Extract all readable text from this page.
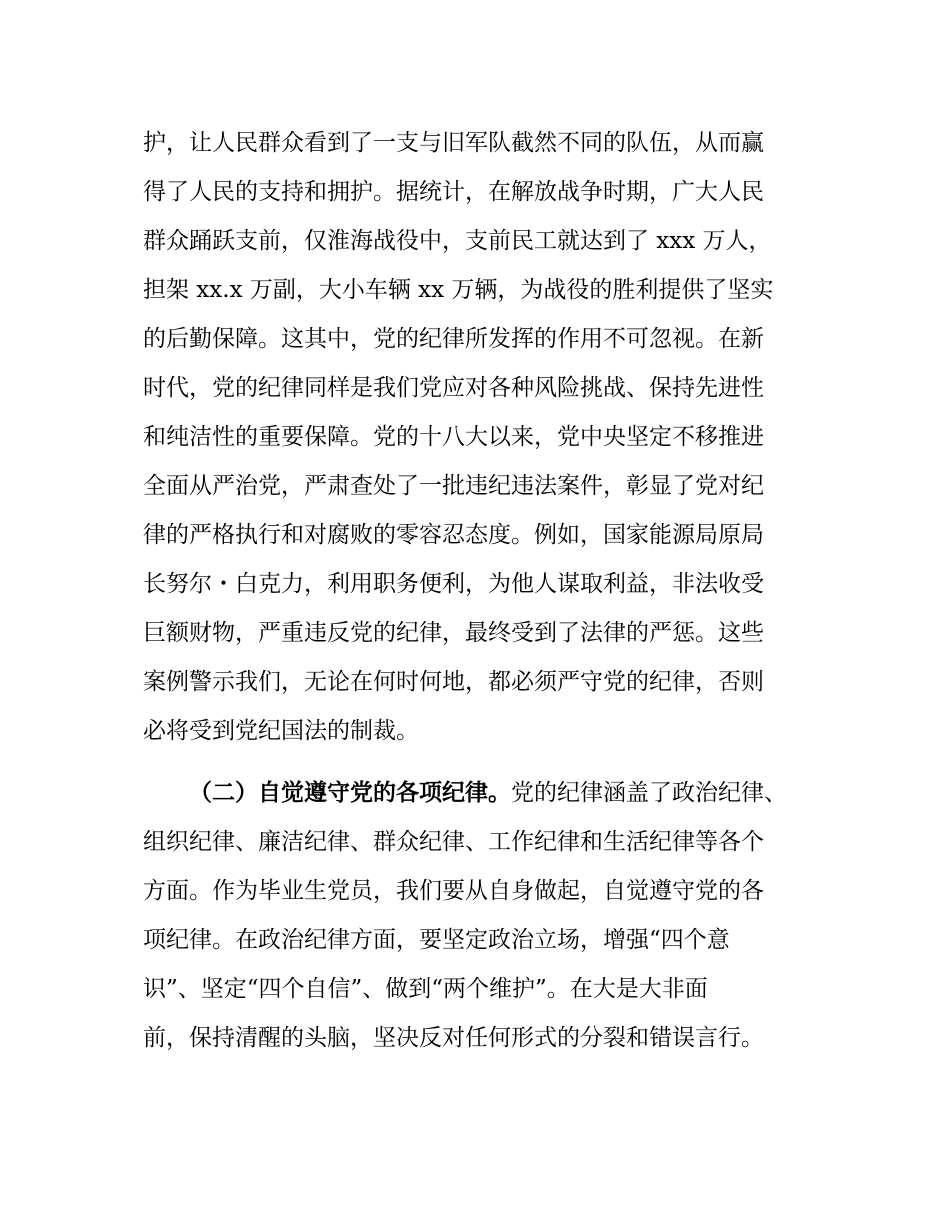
护，让人民群众看到了一支与旧军队截然不同的队伍，从而赢
得了人民的支持和拥护。据统计，在解放战争时期，广大人民
群众踊跃支前，仅淮海战役中，支前民工就达到了 xxx 万人，
担架 xx.x 万副，大小车辆 xx 万辆，为战役的胜利提供了坚实
的后勤保障。这其中，党的纪律所发挥的作用不可忽视。在新
时代，党的纪律同样是我们党应对各种风险挑战、保持先进性
和纯洁性的重要保障。党的十八大以来，党中央坚定不移推进
全面从严治党，严肃查处了一批违纪违法案件，彰显了党对纪
律的严格执行和对腐败的零容忍态度。例如，国家能源局原局
长努尔・白克力，利用职务便利，为他人谋取利益，非法收受
巨额财物，严重违反党的纪律，最终受到了法律的严惩。这些
案例警示我们，无论在何时何地，都必须严守党的纪律，否则
必将受到党纪国法的制裁。
（二）自觉遵守党的各项纪律。党的纪律涵盖了政治纪律、
组织纪律、廉洁纪律、群众纪律、工作纪律和生活纪律等各个
方面。作为毕业生党员，我们要从自身做起，自觉遵守党的各
项纪律。在政治纪律方面，要坚定政治立场，增强“四个意
识”、坚定“四个自信”、做到“两个维护”。在大是大非面
前，保持清醒的头脑，坚决反对任何形式的分裂和错误言行。
